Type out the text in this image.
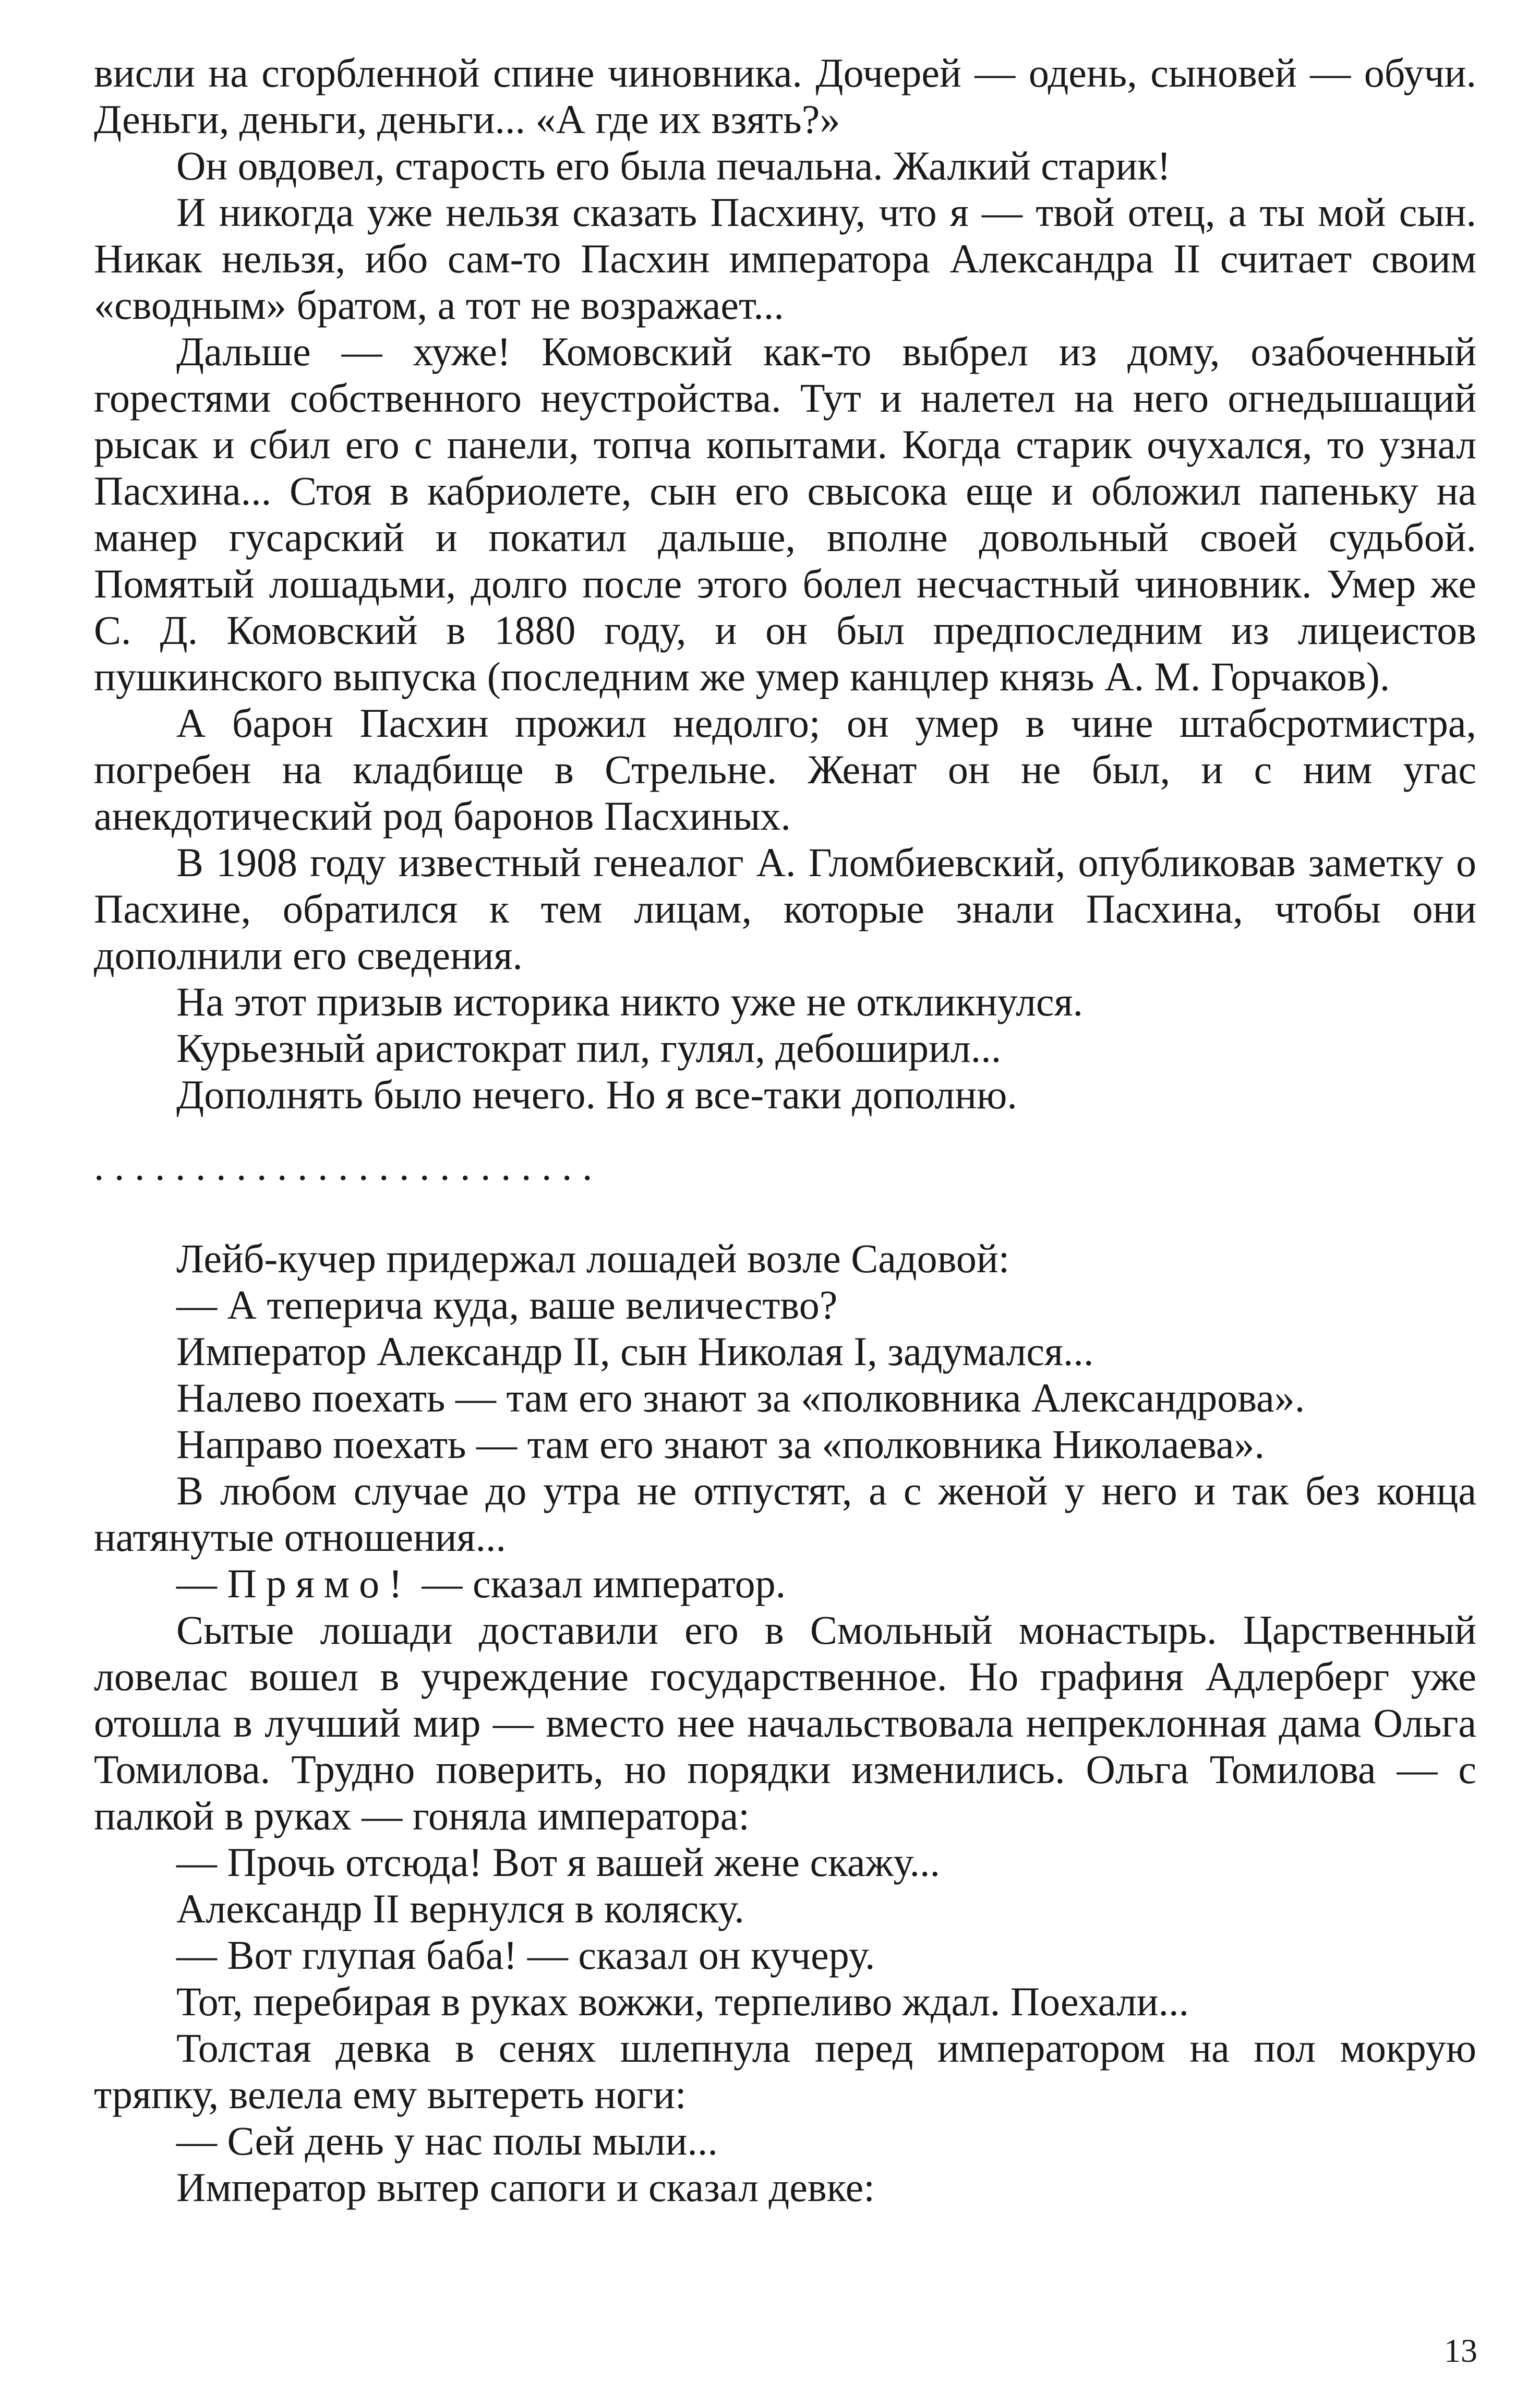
висли на сгорбленной спине чиновника. Дочерей — одень, сыновей — обучи. Деньги, деньги, деньги... «А где их взять?»

Он овдовел, старость его была печальна. Жалкий старик!

И никогда уже нельзя сказать Пасхину, что я — твой отец, а ты мой сын. Никак нельзя, ибо сам-то Пасхин императора Александра II считает своим «сводным» братом, а тот не возражает...

Дальше — хуже! Комовский как-то выбрел из дому, озабоченный горестями собственного неустройства. Тут и налетел на него огнедышащий рысак и сбил его с панели, топча копытами. Когда старик очухался, то узнал Пасхина... Стоя в кабриолете, сын его свысока еще и обложил папеньку на манер гусарский и покатил дальше, вполне довольный своей судьбой. Помятый лошадьми, долго после этого болел несчастный чиновник. Умер же С. Д. Комовский в 1880 году, и он был предпоследним из лицеистов пушкинского выпуска (последним же умер канцлер князь А. М. Горчаков).

А барон Пасхин прожил недолго; он умер в чине штабсротмистра, погребен на кладбище в Стрельне. Женат он не был, и с ним угас анекдотический род баронов Пасхиных.

В 1908 году известный генеалог А. Гломбиевский, опубликовав заметку о Пасхине, обратился к тем лицам, которые знали Пасхина, чтобы они дополнили его сведения.

На этот призыв историка никто уже не откликнулся.

Курьезный аристократ пил, гулял, дебоширил...

Дополнять было нечего. Но я все-таки дополню.

. . . . . . . . . . . . . . . . . . . . . . . . .

Лейб-кучер придержал лошадей возле Садовой:

— А теперича куда, ваше величество?

Император Александр II, сын Николая I, задумался...

Налево поехать — там его знают за «полковника Александрова».

Направо поехать — там его знают за «полковника Николаева».

В любом случае до утра не отпустят, а с женой у него и так без конца натянутые отношения...

— Прямо! — сказал император.

Сытые лошади доставили его в Смольный монастырь. Царственный ловелас вошел в учреждение государственное. Но графиня Адлерберг уже отошла в лучший мир — вместо нее начальствовала непреклонная дама Ольга Томилова. Трудно поверить, но порядки изменились. Ольга Томилова — с палкой в руках — гоняла императора:

— Прочь отсюда! Вот я вашей жене скажу...

Александр II вернулся в коляску.

— Вот глупая баба! — сказал он кучеру.

Тот, перебирая в руках вожжи, терпеливо ждал. Поехали...

Толстая девка в сенях шлепнула перед императором на пол мокрую тряпку, велела ему вытереть ноги:

— Сей день у нас полы мыли...

Император вытер сапоги и сказал девке:

13
